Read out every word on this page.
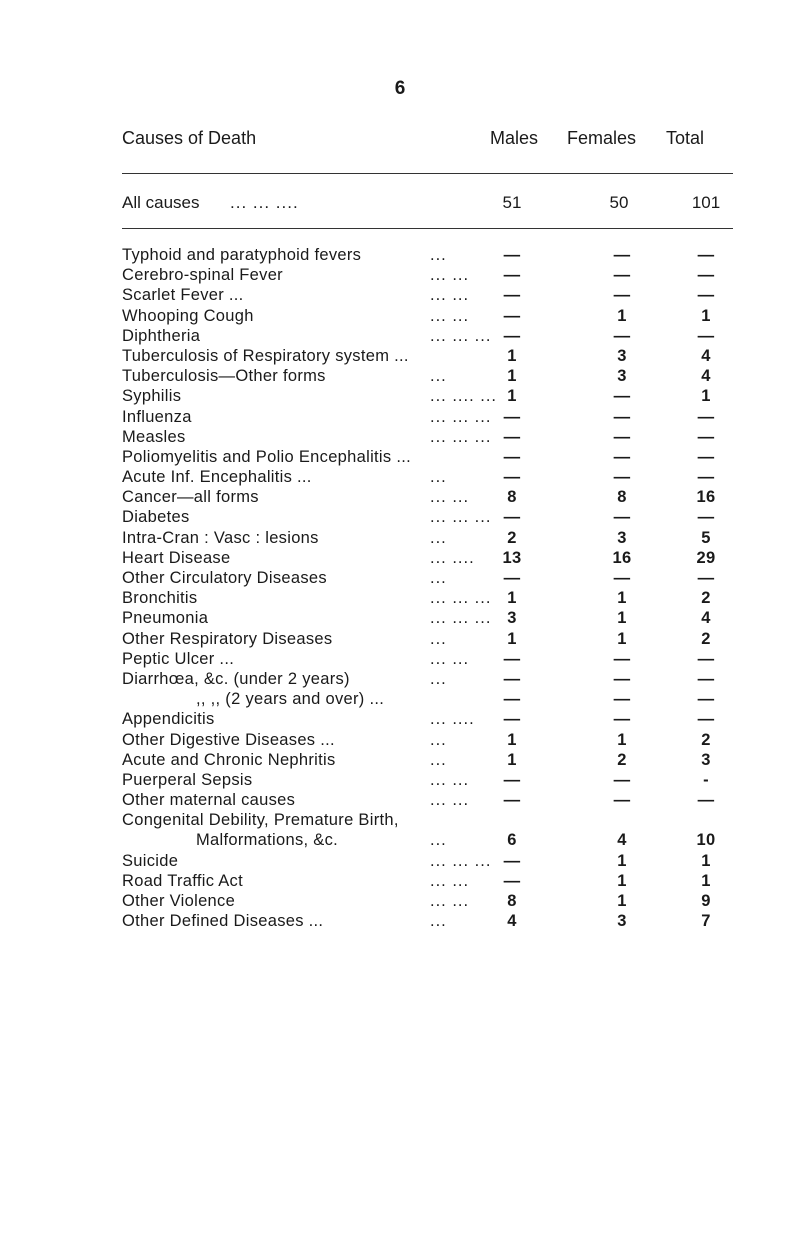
6
Causes of Death	Males Females Total
All causes ... ... ....	51	50	101
Typhoid and paratyphoid fevers	...	—	—	—
Cerebro-spinal Fever	... ...	—	—	—
Scarlet Fever ...	... ...	—	—	—
Whooping Cough	... ...	—	1	1
Diphtheria	... ... ... —	—	—
Tuberculosis of Respiratory system ...	1	3	4
Tuberculosis—Other forms	...	1	3	4
Syphilis	... .... ... 1	—	1
Influenza	... ... ... —	—	—
Measles	... ... ... —	—	—
Poliomyelitis and Polio Encephalitis ...	—	—	—
Acute Inf. Encephalitis ...	...	—	—	—
Cancer—all forms	... ...	8	8	16
Diabetes	... ... ... —	—	—
Intra-Cran : Vasc : lesions	...	2	3	5
Heart Disease	... ....	13	16	29
Other Circulatory Diseases	...	—	—	—
Bronchitis	... ... ... 1	1	2
Pneumonia	... ... ... 3	1	4
Other Respiratory Diseases	...	1	1	2
Peptic Ulcer ...	... ...	—	—	—
Diarrhœa, &c. (under 2 years)	...	—	—	—
,, ,, (2 years and over) ...	—	—	—
Appendicitis	... ....	—	—	—
Other Digestive Diseases ...	...	1	1	2
Acute and Chronic Nephritis	...	1	2	3
Puerperal Sepsis	... ...	—	—	-
Other maternal causes	... ...	—	—	—
Congenital Debility, Premature Birth,
Malformations, &c.	...	6	4	10
Suicide	... ... ... —	1	1
Road Traffic Act	... ...	—	1	1
Other Violence	... ...	8	1	9
Other Defined Diseases ...	...	4	3	7
